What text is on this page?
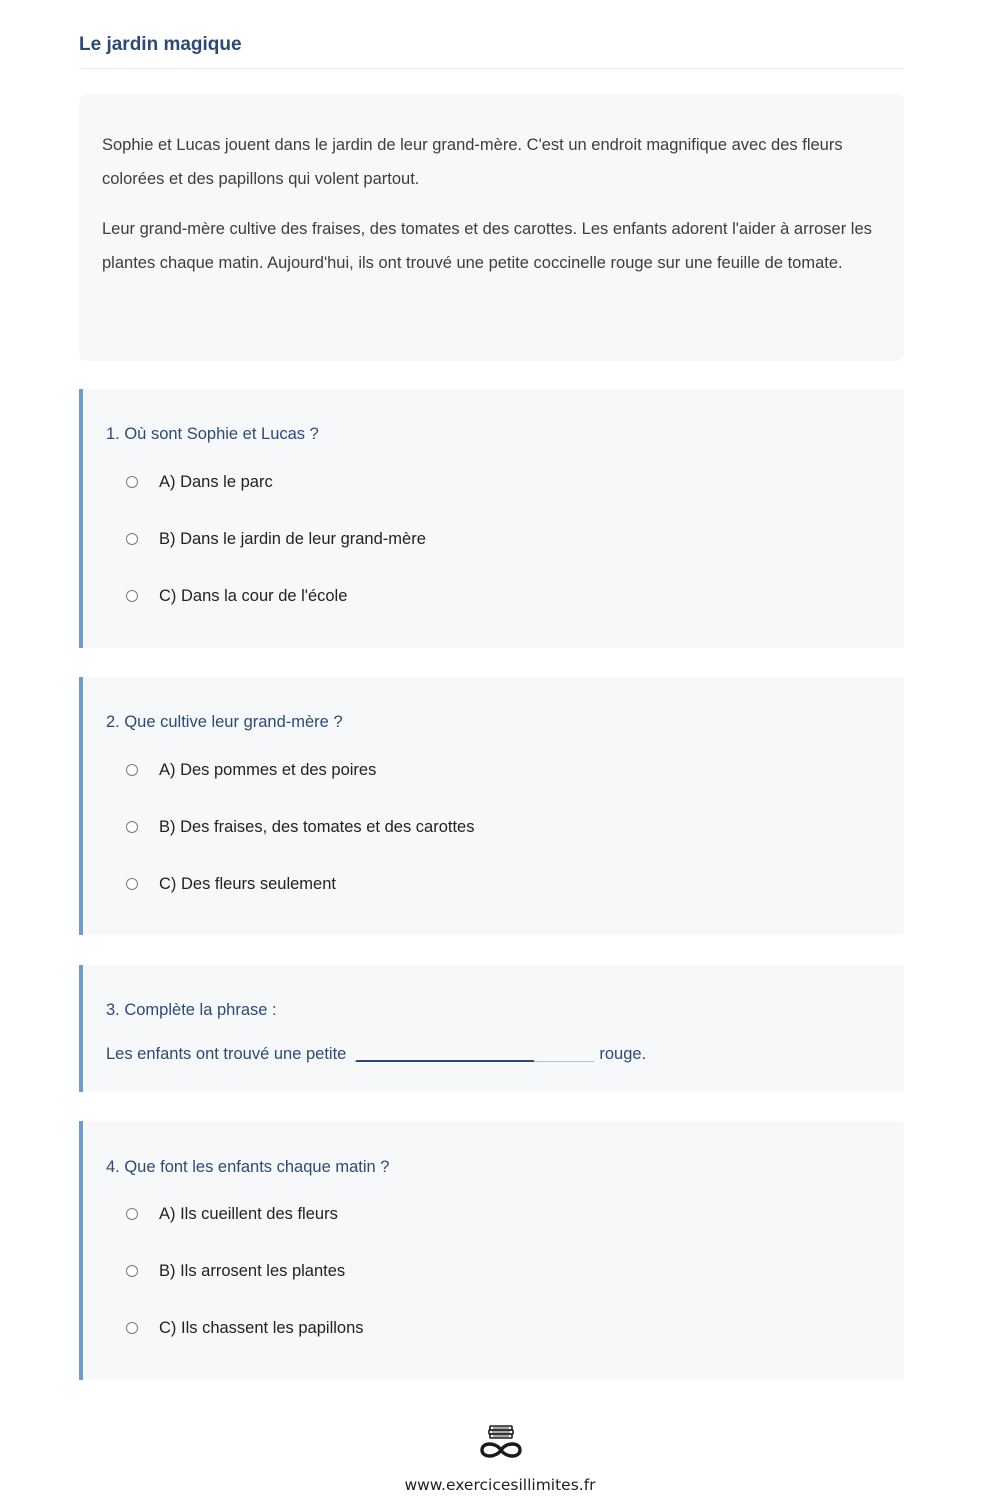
Le jardin magique

Sophie et Lucas jouent dans le jardin de leur grand-mère. C'est un endroit magnifique avec des fleurs colorées et des papillons qui volent partout.

Leur grand-mère cultive des fraises, des tomates et des carottes. Les enfants adorent l'aider à arroser les plantes chaque matin. Aujourd'hui, ils ont trouvé une petite coccinelle rouge sur une feuille de tomate.

1. Où sont Sophie et Lucas ?
A) Dans le parc
B) Dans le jardin de leur grand-mère
C) Dans la cour de l'école
2. Que cultive leur grand-mère ?
A) Des pommes et des poires
B) Des fraises, des tomates et des carottes
C) Des fleurs seulement
3. Complète la phrase :
Les enfants ont trouvé une petite	rouge.
4. Que font les enfants chaque matin ?
A) Ils cueillent des fleurs
B) Ils arrosent les plantes
C) Ils chassent les papillons
www.exercicesillimites.fr
